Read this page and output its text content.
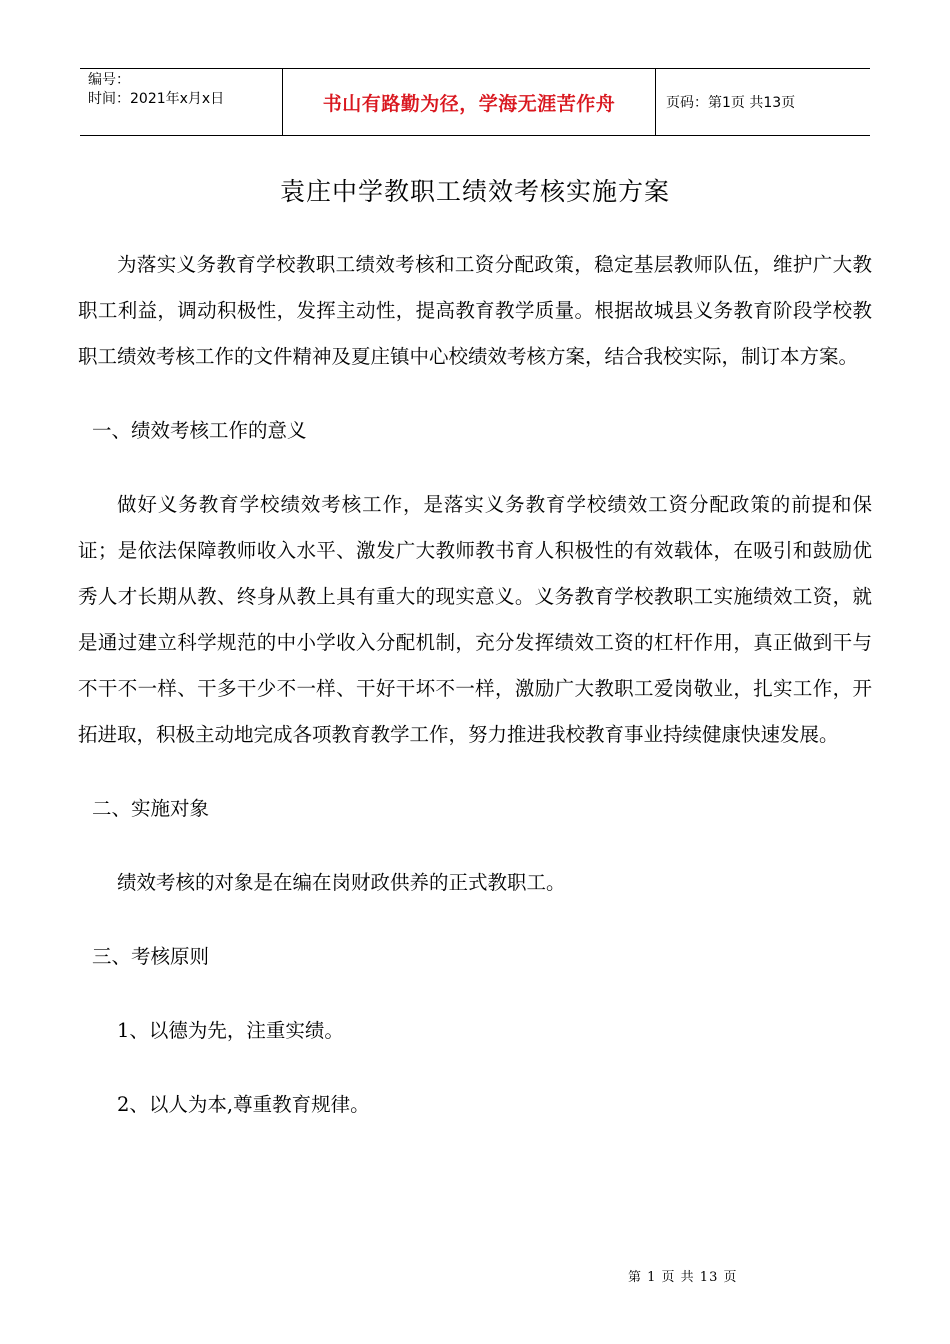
编号：
时间：2021年x月x日	书山有路勤为径，学海无涯苦作舟	页码：第1页 共13页
袁庄中学教职工绩效考核实施方案

为落实义务教育学校教职工绩效考核和工资分配政策，稳定基层教师队伍，维护广大教职工利益，调动积极性，发挥主动性，提高教育教学质量。根据故城县义务教育阶段学校教职工绩效考核工作的文件精神及夏庄镇中心校绩效考核方案，结合我校实际，制订本方案。

一、绩效考核工作的意义

做好义务教育学校绩效考核工作，是落实义务教育学校绩效工资分配政策的前提和保证；是依法保障教师收入水平、激发广大教师教书育人积极性的有效载体，在吸引和鼓励优秀人才长期从教、终身从教上具有重大的现实意义。义务教育学校教职工实施绩效工资，就是通过建立科学规范的中小学收入分配机制，充分发挥绩效工资的杠杆作用，真正做到干与不干不一样、干多干少不一样、干好干坏不一样，激励广大教职工爱岗敬业，扎实工作，开拓进取，积极主动地完成各项教育教学工作，努力推进我校教育事业持续健康快速发展。

二、实施对象

绩效考核的对象是在编在岗财政供养的正式教职工。

三、考核原则

1、以德为先，注重实绩。

2、以人为本,尊重教育规律。

第 1 页 共 13 页
